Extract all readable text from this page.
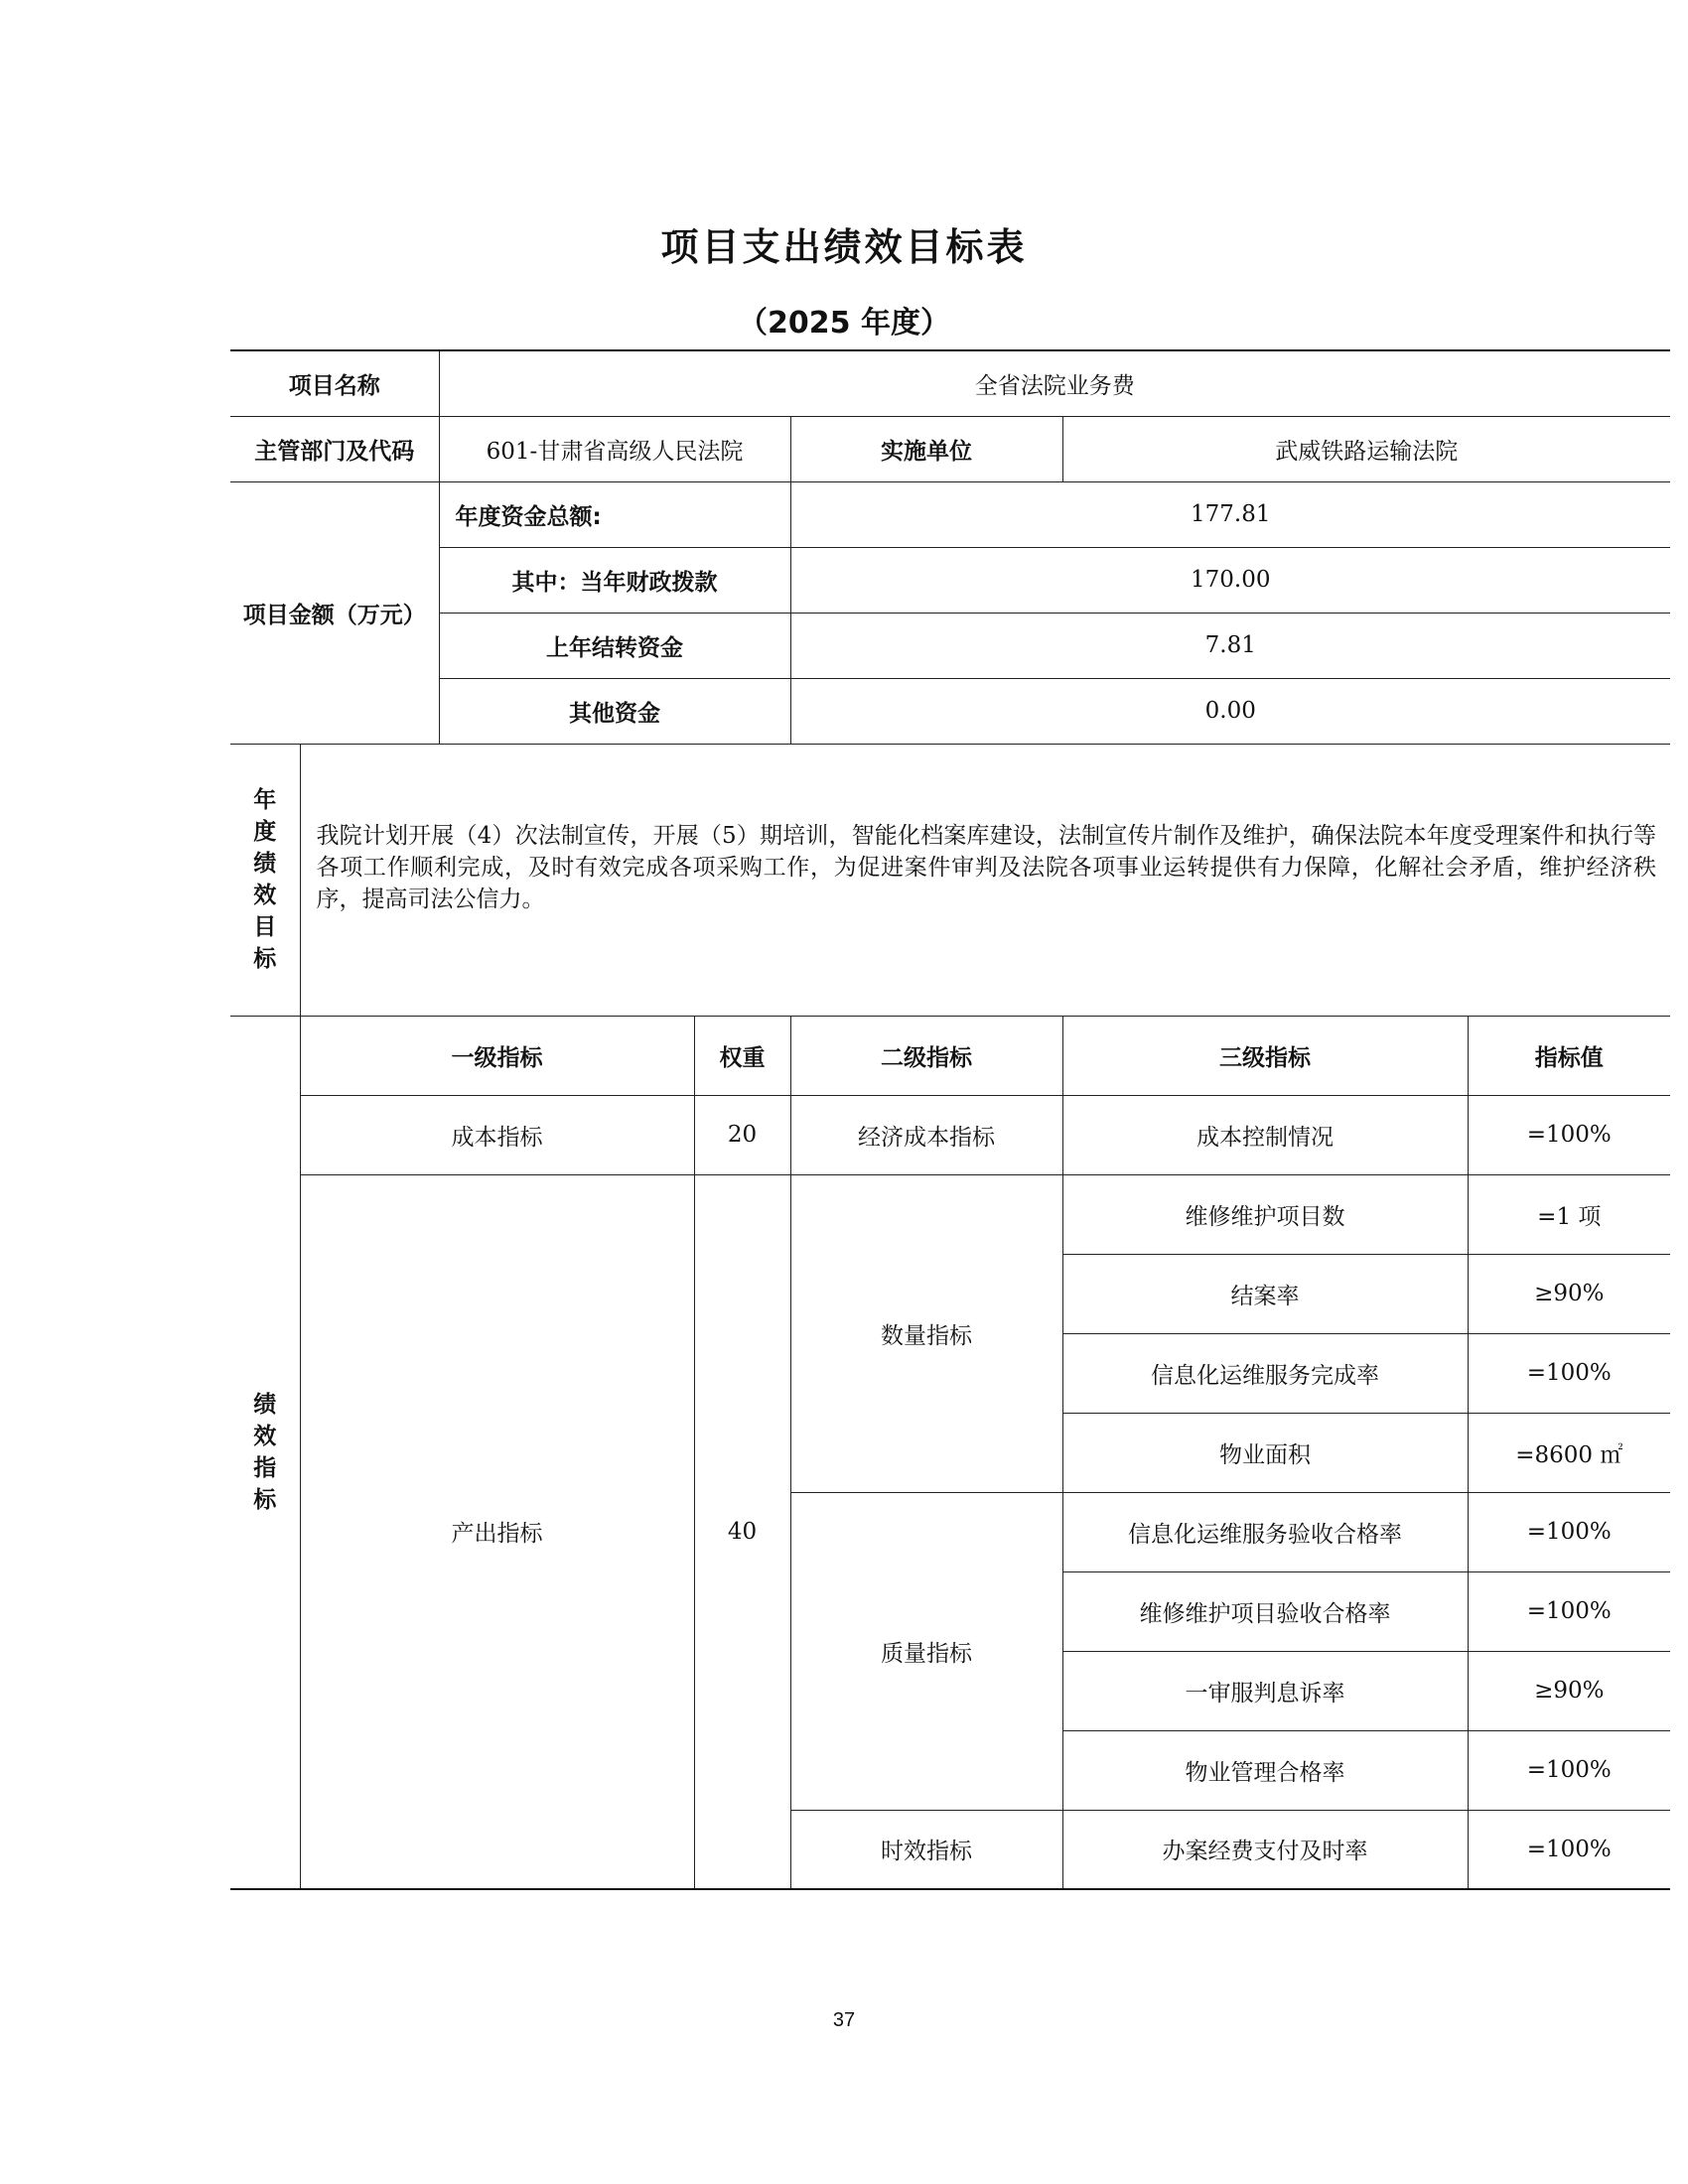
项目支出绩效目标表
（2025 年度）
项目名称		全省法院业务费				
主管部门及代码		601-甘肃省高级人民法院		实施单位	武威铁路运输法院	
项目金额（万元）		年度资金总额:		177.81		
		其中：当年财政拨款		170.00		
		上年结转资金		7.81		
		其他资金		0.00		
年度绩效目标	我院计划开展（4）次法制宣传，开展（5）期培训，智能化档案库建设，法制宣传片制作及维护，确保法院本年度受理案件和执行等各项工作顺利完成，及时有效完成各项采购工作，为促进案件审判及法院各项事业运转提供有力保障，化解社会矛盾，维护经济秩序，提高司法公信力。					
绩效指标	一级指标		权重	二级指标	三级指标	指标值
	成本指标		20	经济成本指标	成本控制情况	=100%
	产出指标		40	数量指标	维修维护项目数	=1 项
					结案率	≥90%
					信息化运维服务完成率	=100%
					物业面积	=8600 ㎡
				质量指标	信息化运维服务验收合格率	=100%
					维修维护项目验收合格率	=100%
					一审服判息诉率	≥90%
					物业管理合格率	=100%
				时效指标	办案经费支付及时率	=100%
37
